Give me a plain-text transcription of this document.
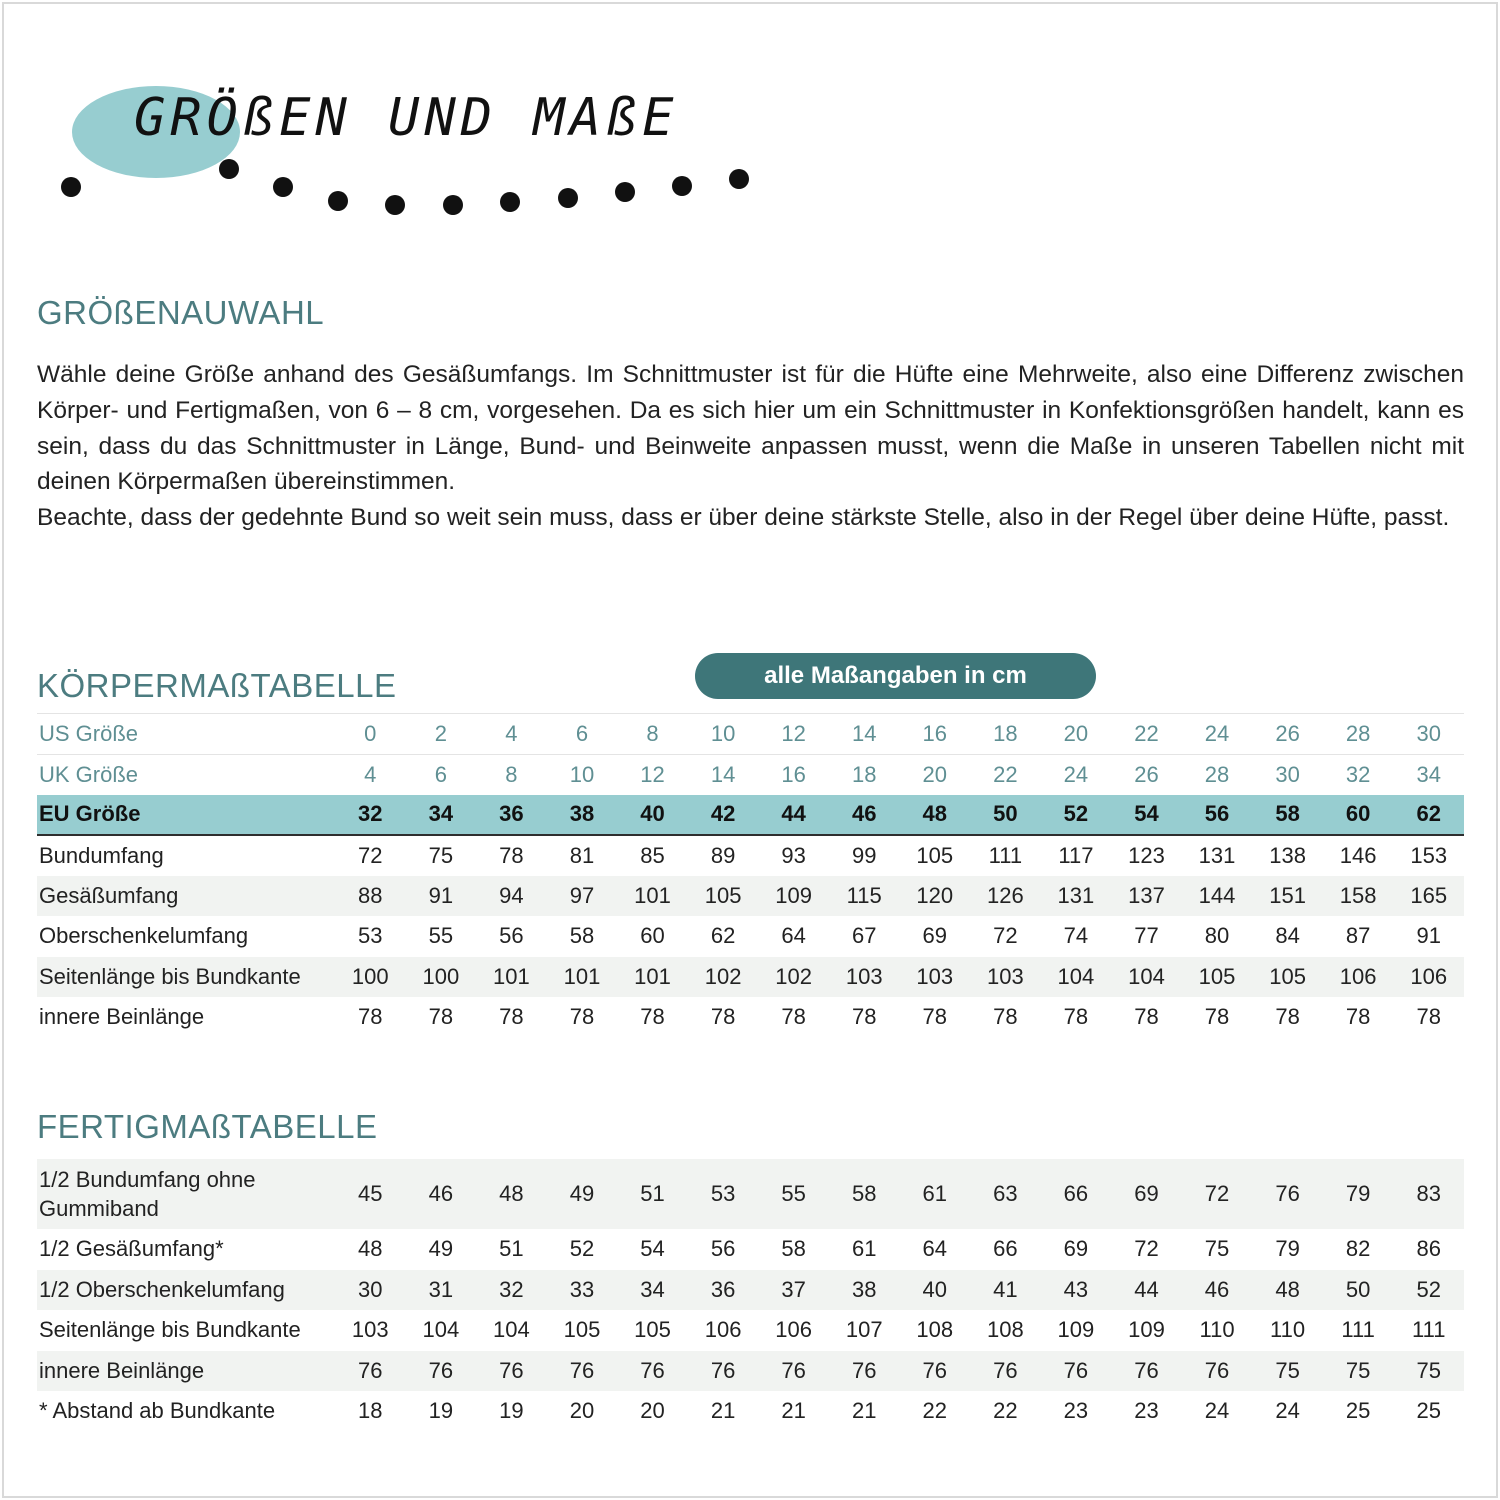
GRÖßEN UND MAßE
GRÖßENAUWAHL

Wähle deine Größe anhand des Gesäßumfangs. Im Schnittmuster ist für die Hüfte eine Mehrweite, also eine Differenz zwischen Körper- und Fertigmaßen, von 6 – 8 cm, vorgesehen. Da es sich hier um ein Schnittmuster in Konfektionsgrößen handelt, kann es sein, dass du das Schnittmuster in Länge, Bund- und Beinweite anpassen musst, wenn die Maße in unseren Tabellen nicht mit deinen Körpermaßen übereinstimmen.

Beachte, dass der gedehnte Bund so weit sein muss, dass er über deine stärkste Stelle, also in der Regel über deine Hüfte, passt.

KÖRPERMAßTABELLE	alle Maßangaben in cm
US Größe	0	2	4	6	8	10	12	14	16	18	20	22	24	26	28	30
UK Größe	4	6	8	10	12	14	16	18	20	22	24	26	28	30	32	34
EU Größe	32	34	36	38	40	42	44	46	48	50	52	54	56	58	60	62
Bundumfang	72	75	78	81	85	89	93	99	105	111	117	123	131	138	146	153
Gesäßumfang	88	91	94	97	101	105	109	115	120	126	131	137	144	151	158	165
Oberschenkelumfang	53	55	56	58	60	62	64	67	69	72	74	77	80	84	87	91
Seitenlänge bis Bundkante	100	100	101	101	101	102	102	103	103	103	104	104	105	105	106	106
innere Beinlänge	78	78	78	78	78	78	78	78	78	78	78	78	78	78	78	78
FERTIGMAßTABELLE
1/2 Bundumfang ohne Gummiband	45	46	48	49	51	53	55	58	61	63	66	69	72	76	79	83
1/2 Gesäßumfang*	48	49	51	52	54	56	58	61	64	66	69	72	75	79	82	86
1/2 Oberschenkelumfang	30	31	32	33	34	36	37	38	40	41	43	44	46	48	50	52
Seitenlänge bis Bundkante	103	104	104	105	105	106	106	107	108	108	109	109	110	110	111	111
innere Beinlänge	76	76	76	76	76	76	76	76	76	76	76	76	76	75	75	75
* Abstand ab Bundkante	18	19	19	20	20	21	21	21	22	22	23	23	24	24	25	25
